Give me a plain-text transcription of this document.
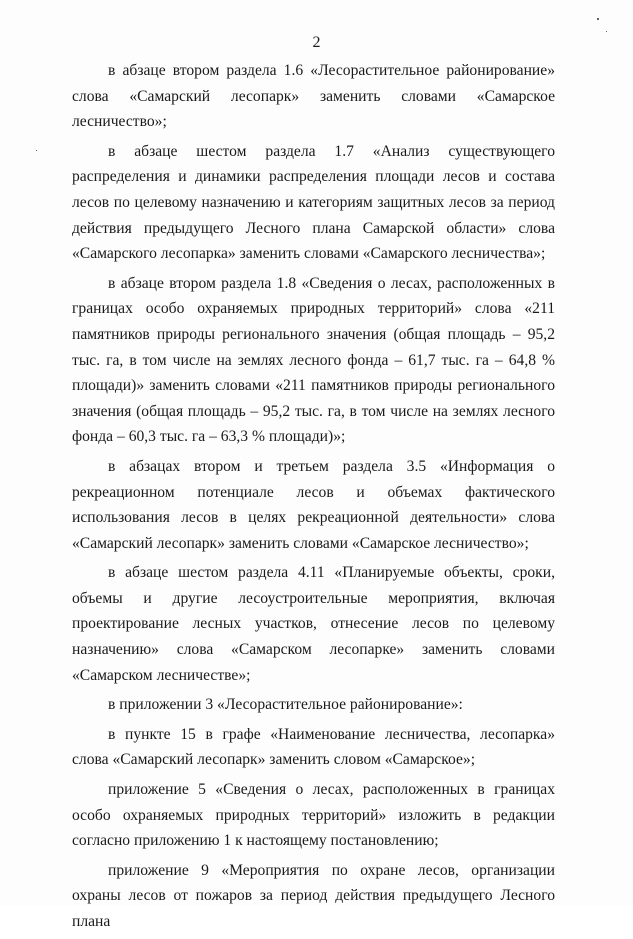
2

в абзаце втором раздела 1.6 «Лесорастительное районирование» слова «Самарский лесопарк» заменить словами «Самарское лесничество»;

в абзаце шестом раздела 1.7 «Анализ существующего распределения и динамики распределения площади лесов и состава лесов по целевому назначению и категориям защитных лесов за период действия предыдущего Лесного плана Самарской области» слова «Самарского лесопарка» заменить словами «Самарского лесничества»;

в абзаце втором раздела 1.8 «Сведения о лесах, расположенных в границах особо охраняемых природных территорий» слова «211 памятников природы регионального значения (общая площадь – 95,2 тыс. га, в том числе на землях лесного фонда – 61,7 тыс. га – 64,8 % площади)» заменить словами «211 памятников природы регионального значения (общая площадь – 95,2 тыс. га, в том числе на землях лесного фонда – 60,3 тыс. га – 63,3 % площади)»;

в абзацах втором и третьем раздела 3.5 «Информация о рекреационном потенциале лесов и объемах фактического использования лесов в целях рекреационной деятельности» слова «Самарский лесопарк» заменить словами «Самарское лесничество»;

в абзаце шестом раздела 4.11 «Планируемые объекты, сроки, объемы и другие лесоустроительные мероприятия, включая проектирование лесных участков, отнесение лесов по целевому назначению» слова «Самарском лесопарке» заменить словами «Самарском лесничестве»;

в приложении 3 «Лесорастительное районирование»:

в пункте 15 в графе «Наименование лесничества, лесопарка» слова «Самарский лесопарк» заменить словом «Самарское»;

приложение 5 «Сведения о лесах, расположенных в границах особо охраняемых природных территорий» изложить в редакции согласно приложению 1 к настоящему постановлению;

приложение 9 «Мероприятия по охране лесов, организации охраны лесов от пожаров за период действия предыдущего Лесного плана
